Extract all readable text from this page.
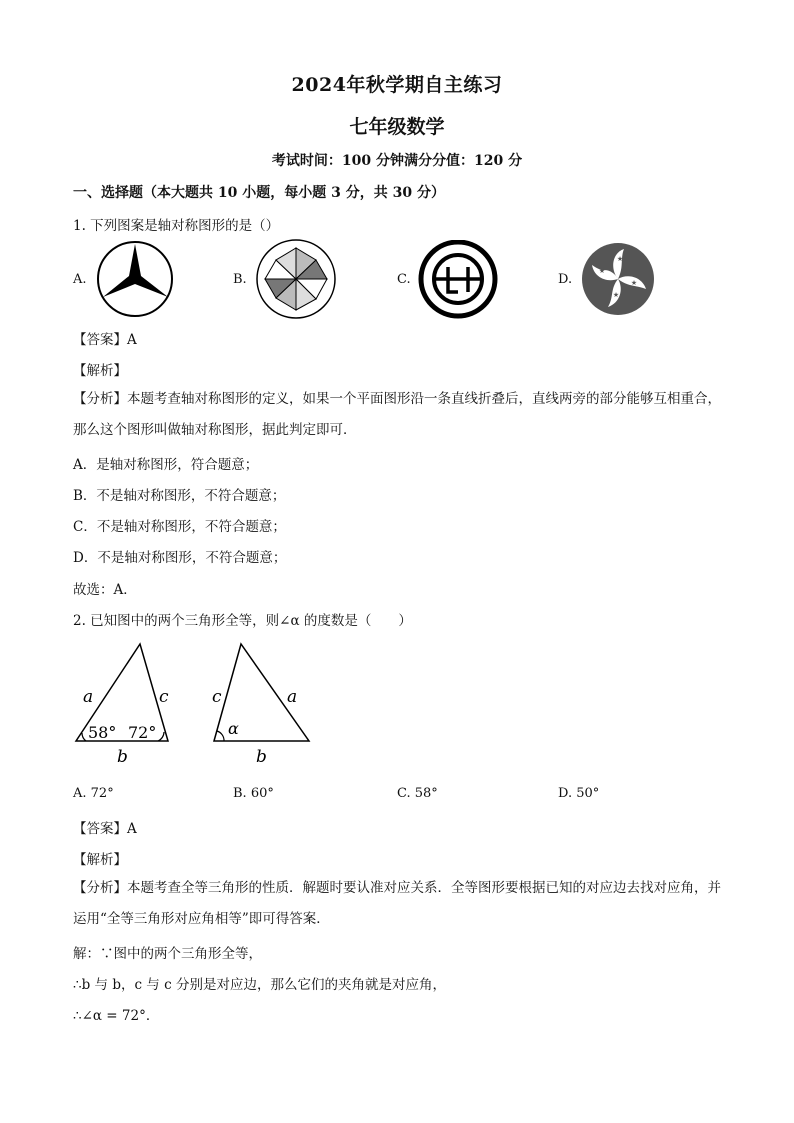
2024年秋学期自主练习
七年级数学
考试时间：100 分钟满分分值：120 分
一、选择题（本大题共 10 小题，每小题 3 分，共 30 分）
1. 下列图案是轴对称图形的是（）
A.	B.	C.	D.
★
★
★
★
【答案】A
【解析】
【分析】本题考查轴对称图形的定义，如果一个平面图形沿一条直线折叠后，直线两旁的部分能够互相重合，那么这个图形叫做轴对称图形，据此判定即可．
A．是轴对称图形，符合题意；
B．不是轴对称图形，不符合题意；
C．不是轴对称图形，不符合题意；
D．不是轴对称图形，不符合题意；
故选：A．
2. 已知图中的两个三角形全等，则∠α 的度数是（　　）
a	c
b
58° 72°
c	a
b
α
A. 72°	B. 60°	C. 58°	D. 50°
【答案】A
【解析】
【分析】本题考查全等三角形的性质．解题时要认准对应关系．全等图形要根据已知的对应边去找对应角，并运用“全等三角形对应角相等”即可得答案．
解：∵图中的两个三角形全等，
∴b 与 b，c 与 c 分别是对应边，那么它们的夹角就是对应角，
∴∠α = 72°．
